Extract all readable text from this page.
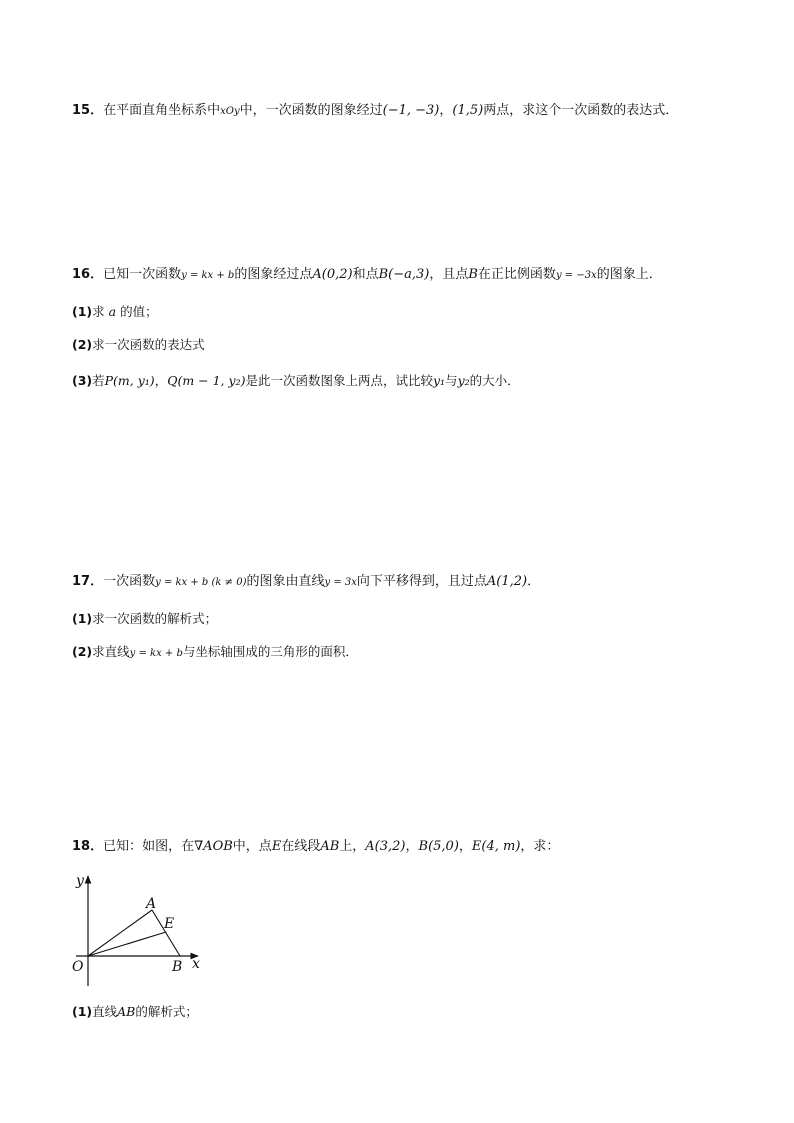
15．在平面直角坐标系中xOy中，一次函数的图象经过(−1, −3)，(1,5)两点，求这个一次函数的表达式．
16．已知一次函数y = kx + b的图象经过点A(0,2)和点B(−a,3)，且点B在正比例函数y = −3x的图象上．
(1)求 a 的值；
(2)求一次函数的表达式
(3)若P(m, y₁)，Q(m − 1, y₂)是此一次函数图象上两点，试比较y₁与y₂的大小．
17．一次函数y = kx + b (k ≠ 0)的图象由直线y = 3x向下平移得到，且过点A(1,2)．
(1)求一次函数的解析式；
(2)求直线y = kx + b与坐标轴围成的三角形的面积．
18．已知：如图，在∇AOB中，点E在线段AB上，A(3,2)，B(5,0)，E(4, m)，求：
y
x
O
A
E
B
(1)直线AB的解析式；
